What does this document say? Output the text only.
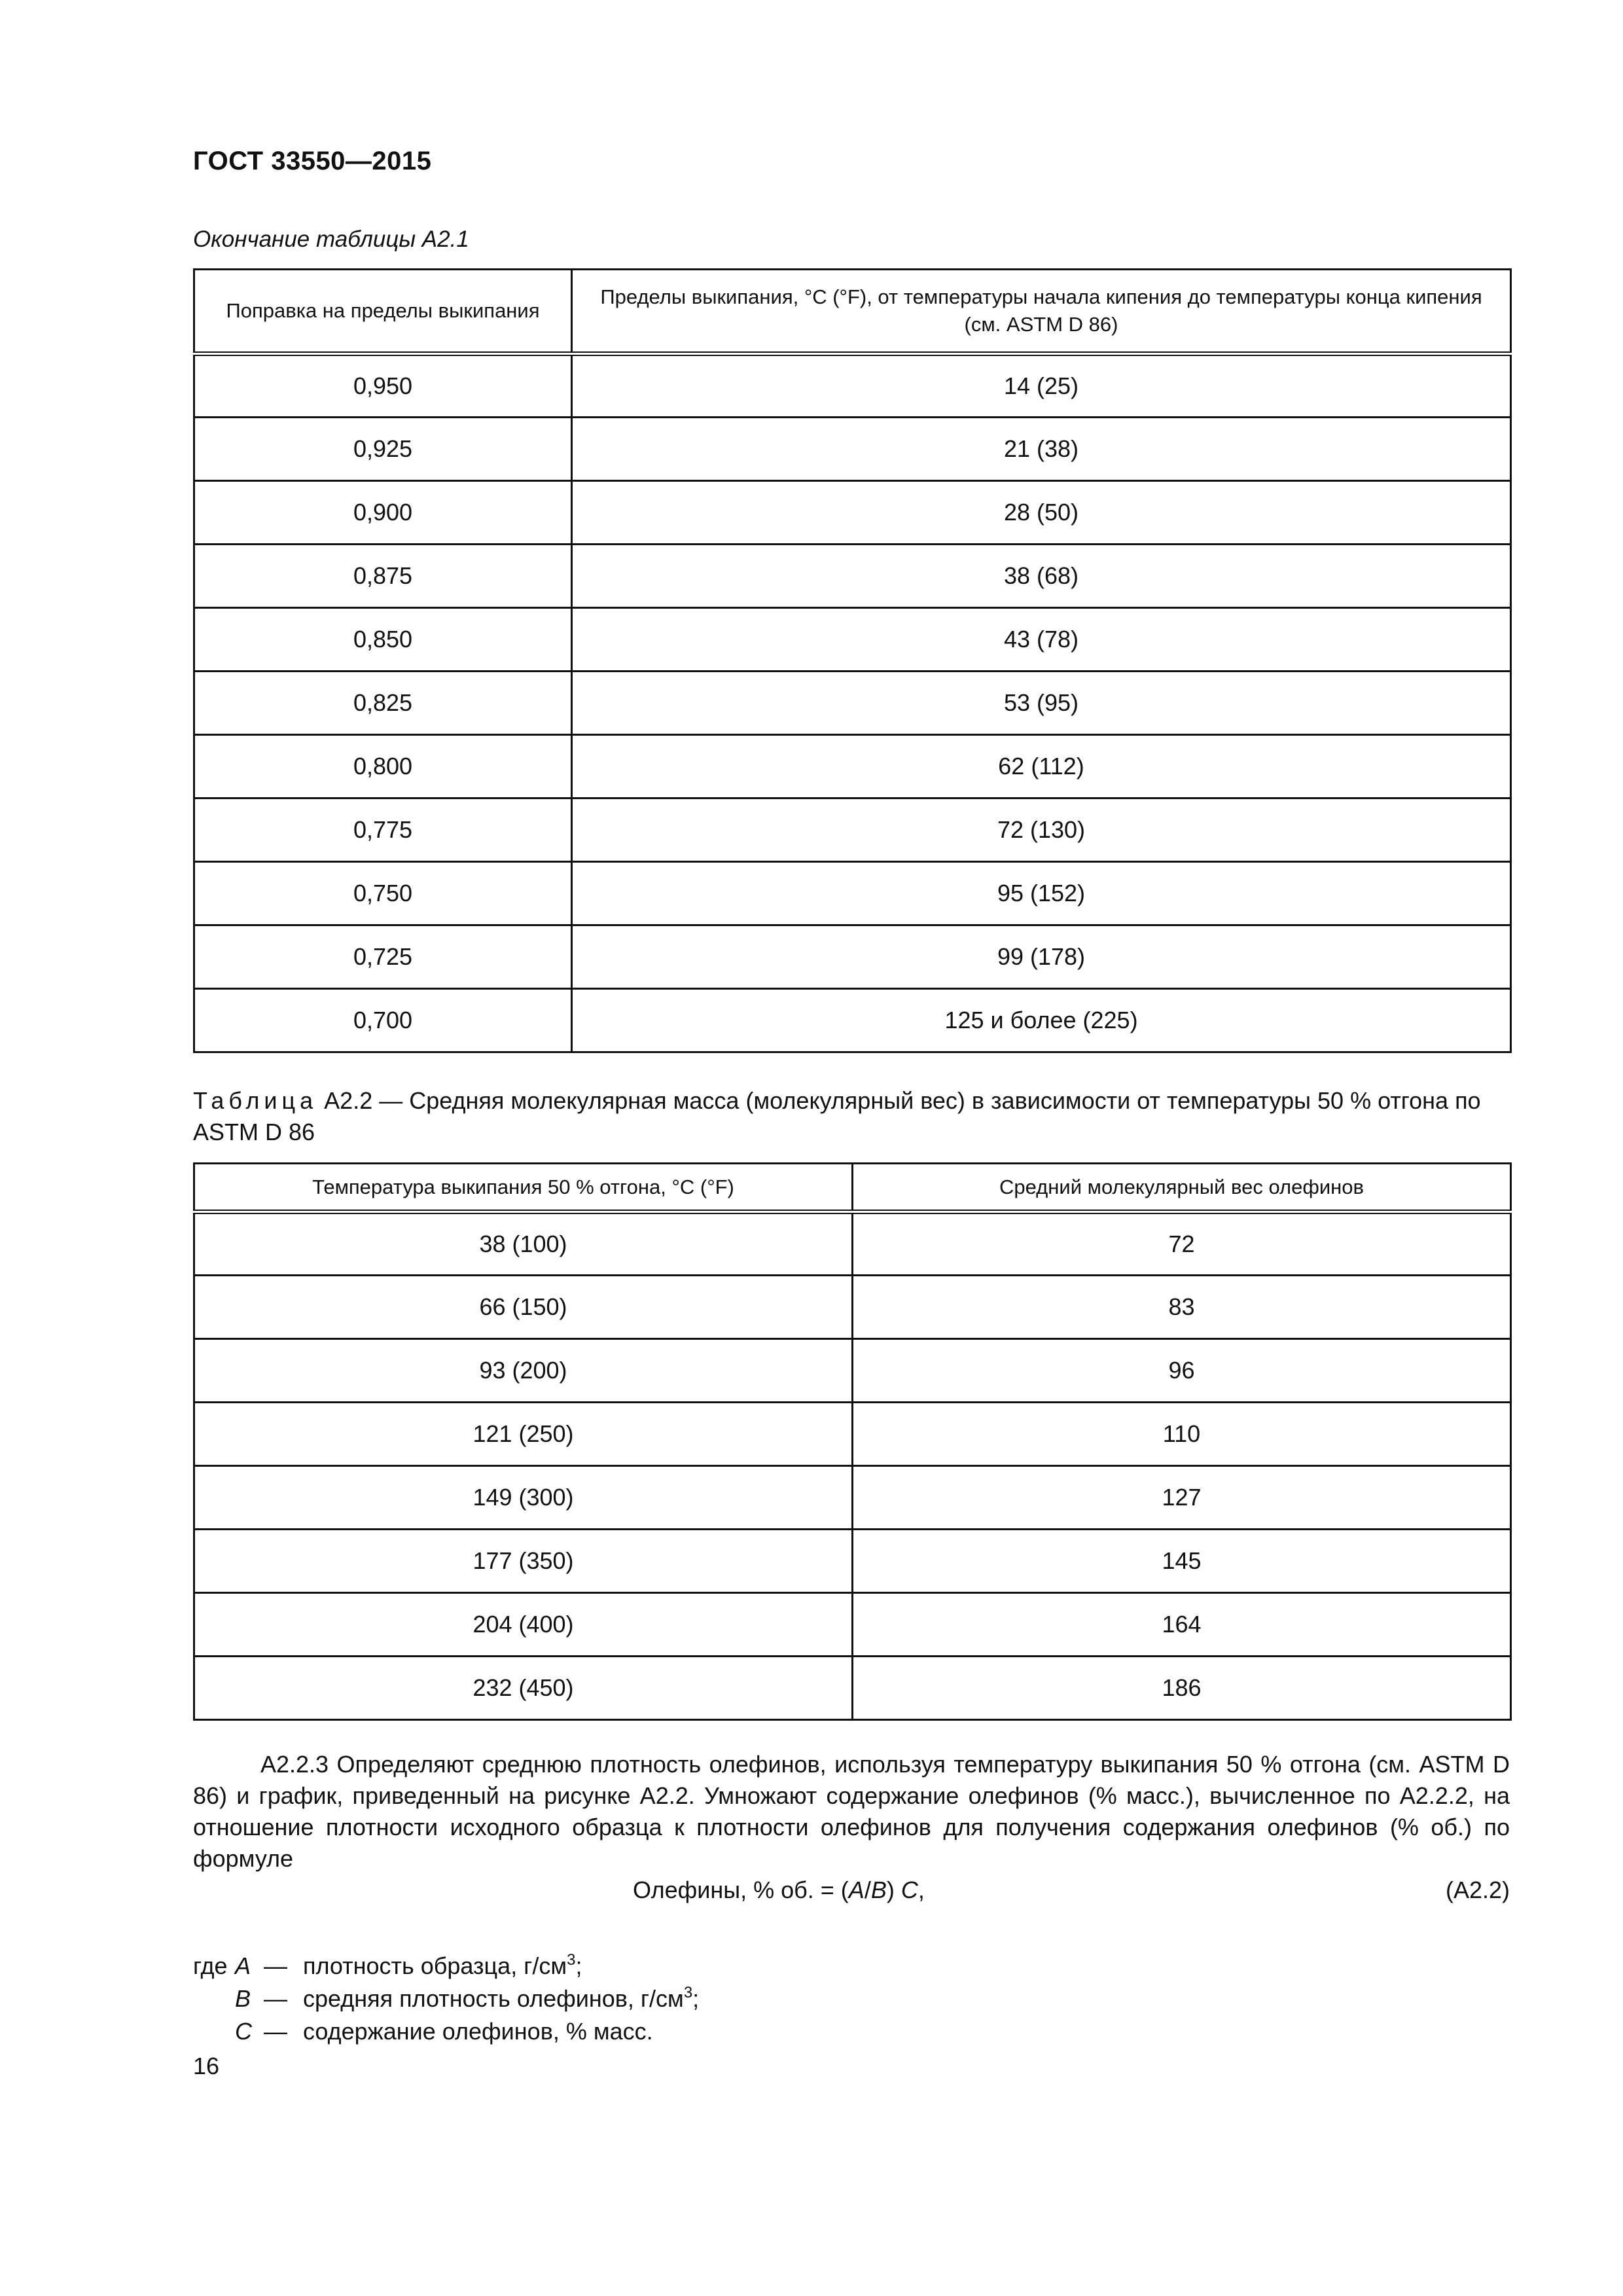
ГОСТ 33550—2015
Окончание таблицы А2.1
Поправка на пределы выкипания	Пределы выкипания, °С (°F), от температуры начала кипения до температуры конца кипения (см. ASTM D 86)
0,950	14 (25)
0,925	21 (38)
0,900	28 (50)
0,875	38 (68)
0,850	43 (78)
0,825	53 (95)
0,800	62 (112)
0,775	72 (130)
0,750	95 (152)
0,725	99 (178)
0,700	125 и более (225)
Таблица А2.2 — Средняя молекулярная масса (молекулярный вес) в зависимости от температуры 50 % отгона по ASTM D 86
Температура выкипания 50 % отгона, °С (°F)	Средний молекулярный вес олефинов
38 (100)	72
66 (150)	83
93 (200)	96
121 (250)	110
149 (300)	127
177 (350)	145
204 (400)	164
232 (450)	186
А2.2.3 Определяют среднюю плотность олефинов, используя температуру выкипания 50 % отгона (см. ASTM D 86) и график, приведенный на рисунке А2.2. Умножают содержание олефинов (% масс.), вычисленное по А2.2.2, на отношение плотности исходного образца к плотности олефинов для получения содержания олефинов (% об.) по формуле
Олефины, % об. = (A/B) C,	(А2.2)
где A — плотность образца, $г/см^3$;
B — средняя плотность олефинов, $г/см^3$;
C — содержание олефинов, % масс.
16
